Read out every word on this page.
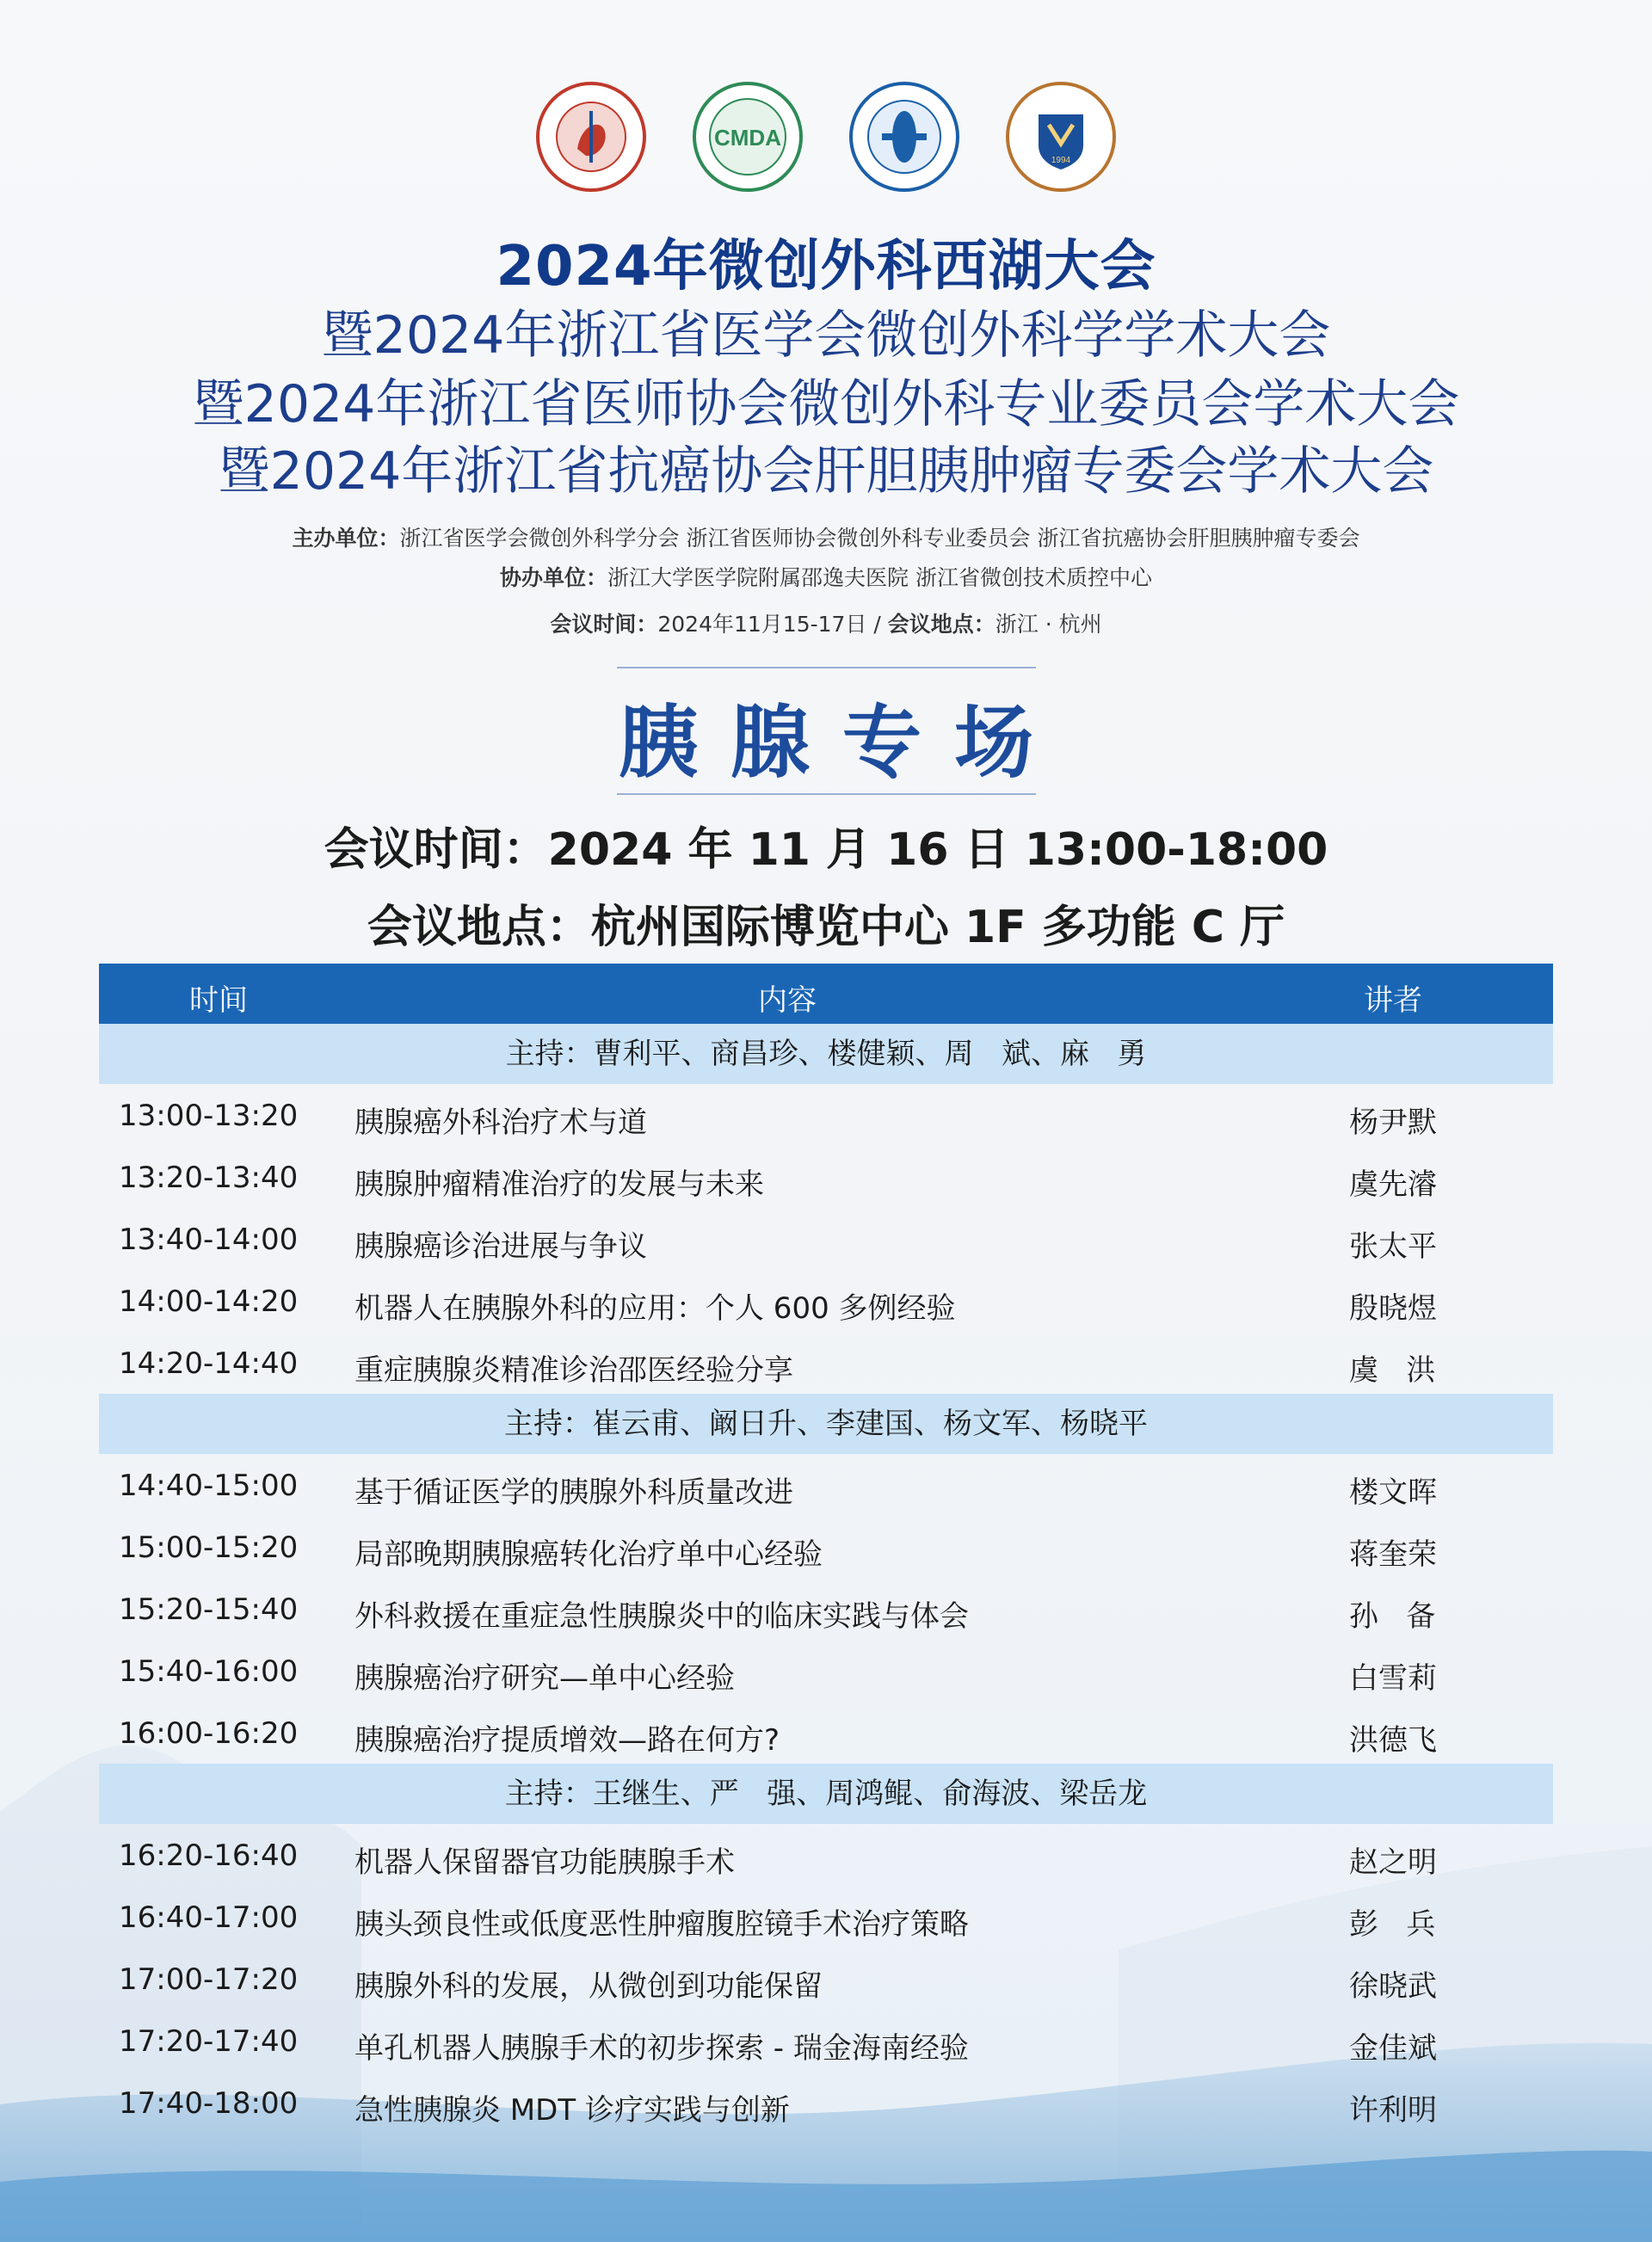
CMDA
1994
2024年微创外科西湖大会
暨2024年浙江省医学会微创外科学学术大会
暨2024年浙江省医师协会微创外科专业委员会学术大会
暨2024年浙江省抗癌协会肝胆胰肿瘤专委会学术大会
主办单位：浙江省医学会微创外科学分会 浙江省医师协会微创外科专业委员会 浙江省抗癌协会肝胆胰肿瘤专委会
协办单位：浙江大学医学院附属邵逸夫医院 浙江省微创技术质控中心
会议时间：2024年11月15-17日 / 会议地点：浙江 · 杭州
胰腺专场
会议时间：2024 年 11 月 16 日 13:00-18:00
会议地点：杭州国际博览中心 1F 多功能 C 厅
时间	内容	讲者
主持：曹利平、商昌珍、楼健颖、周   斌、麻   勇
13:00-13:20 胰腺癌外科治疗术与道	杨尹默
13:20-13:40 胰腺肿瘤精准治疗的发展与未来	虞先濬
13:40-14:00 胰腺癌诊治进展与争议	张太平
14:00-14:20 机器人在胰腺外科的应用：个人 600 多例经验	殷晓煜
14:20-14:40 重症胰腺炎精准诊治邵医经验分享	虞   洪
主持：崔云甫、阚日升、李建国、杨文军、杨晓平
14:40-15:00 基于循证医学的胰腺外科质量改进	楼文晖
15:00-15:20 局部晚期胰腺癌转化治疗单中心经验	蒋奎荣
15:20-15:40 外科救援在重症急性胰腺炎中的临床实践与体会	孙   备
15:40-16:00 胰腺癌治疗研究—单中心经验	白雪莉
16:00-16:20 胰腺癌治疗提质增效—路在何方?	洪德飞
主持：王继生、严   强、周鸿鲲、俞海波、梁岳龙
16:20-16:40 机器人保留器官功能胰腺手术	赵之明
16:40-17:00 胰头颈良性或低度恶性肿瘤腹腔镜手术治疗策略	彭   兵
17:00-17:20 胰腺外科的发展，从微创到功能保留	徐晓武
17:20-17:40 单孔机器人胰腺手术的初步探索 - 瑞金海南经验	金佳斌
17:40-18:00 急性胰腺炎 MDT 诊疗实践与创新	许利明
